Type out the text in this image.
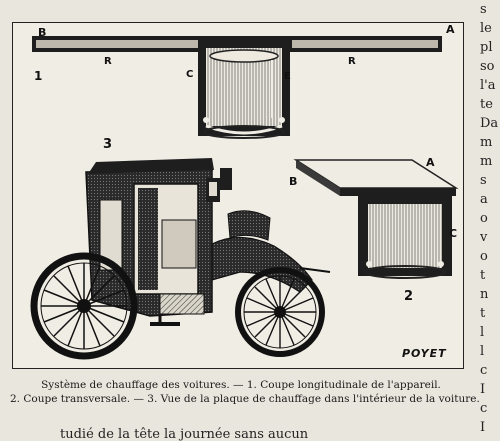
B	A
R	R
C	E
1
3
A
B
C
2
POYET
Système de chauffage des voitures. — 1. Coupe longitudinale de l'appareil.
2. Coupe transversale. — 3. Vue de la plaque de chauffage dans l'intérieur de la voiture.
s
le
pl
so
l'a
te
Da
m
m
s
a
o
v
o
t
n
t
l
l
c
I
c
I
tudié de la tête la journée sans aucun
